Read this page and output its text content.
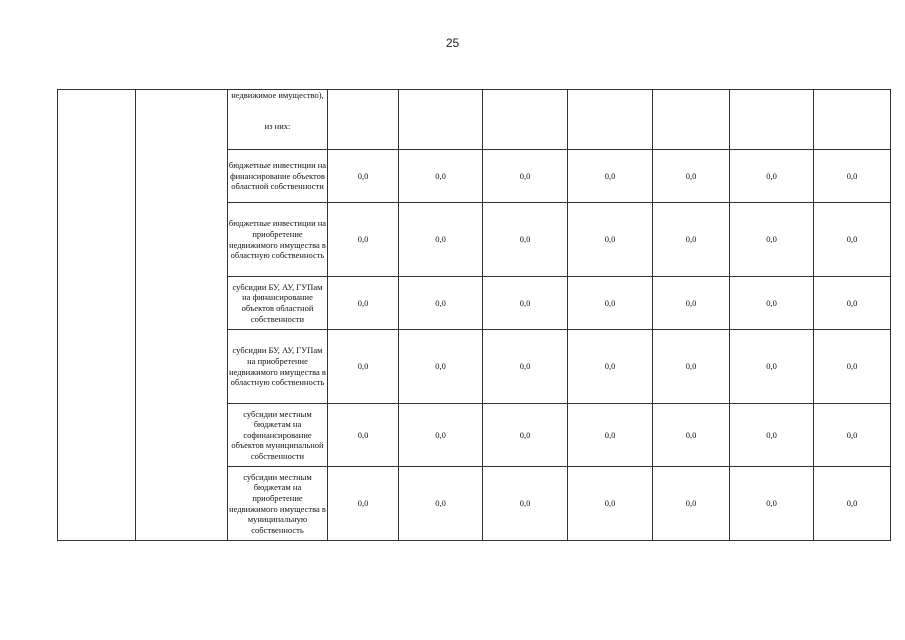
25

		недвижимое имущество),
из них:							

		бюджетные инвестиции на финансирование объектов областной собственности	0,0	0,0	0,0	0,0	0,0	0,0	0,0
		бюджетные инвестиции на приобретение недвижимого имущества в областную собственность	0,0	0,0	0,0	0,0	0,0	0,0	0,0
		субсидии БУ, АУ, ГУПам на финансирование объектов областной собственности	0,0	0,0	0,0	0,0	0,0	0,0	0,0
		субсидии БУ, АУ, ГУПам на приобретение недвижимого имущества в областную собственность	0,0	0,0	0,0	0,0	0,0	0,0	0,0
		субсидии местным бюджетам на софинансирование объектов муниципальной собственности	0,0	0,0	0,0	0,0	0,0	0,0	0,0
		субсидии местным бюджетам на приобретение недвижимого имущества в муниципальную собственность	0,0	0,0	0,0	0,0	0,0	0,0	0,0
